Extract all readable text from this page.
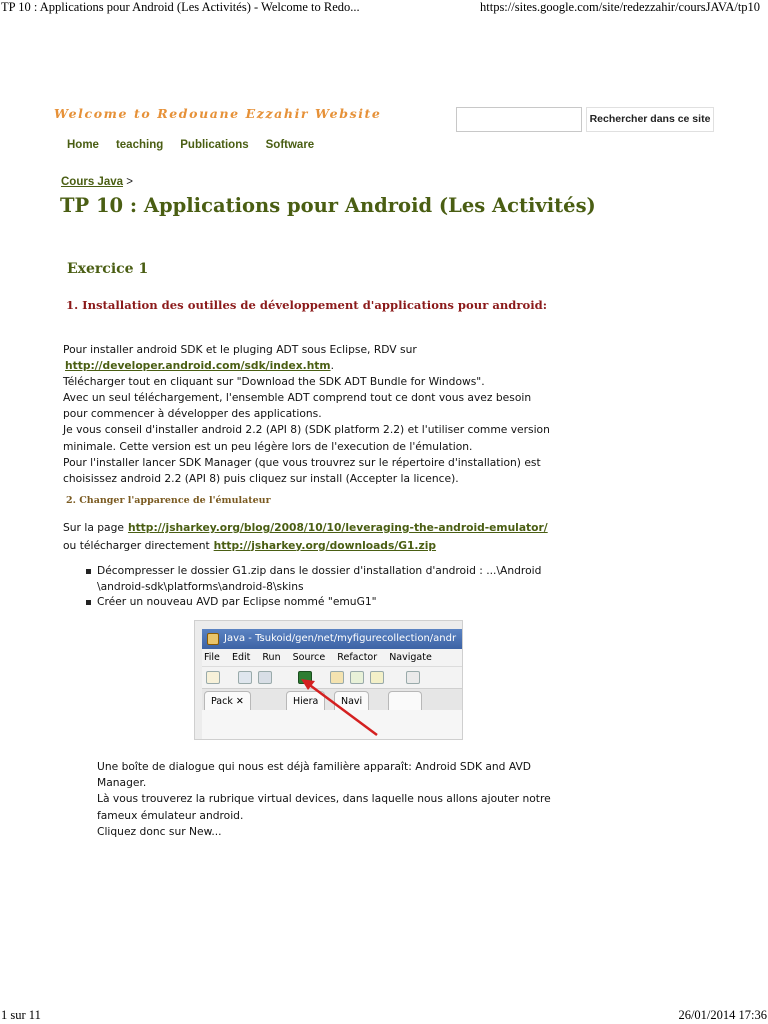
TP 10 : Applications pour Android (Les Activités) - Welcome to Redo...	https://sites.google.com/site/redezzahir/coursJAVA/tp10
Welcome to Redouane Ezzahir Website	Rechercher dans ce site
Home teaching Publications Software
Cours Java >
TP 10 : Applications pour Android (Les Activités)
Exercice 1
1. Installation des outilles de développement d'applications pour android:
Pour installer android SDK et le pluging ADT sous Eclipse, RDV sur
http://developer.android.com/sdk/index.htm.
Télécharger tout en cliquant sur "Download the SDK ADT Bundle for Windows".
Avec un seul téléchargement, l'ensemble ADT comprend tout ce dont vous avez besoin
pour commencer à développer des applications.
Je vous conseil d'installer android 2.2 (API 8) (SDK platform 2.2) et l'utiliser comme version
minimale. Cette version est un peu légère lors de l'execution de l'émulation.
Pour l'installer lancer SDK Manager (que vous trouvrez sur le répertoire d'installation) est
choisissez android 2.2 (API 8) puis cliquez sur install (Accepter la licence).
2. Changer l'apparence de l'émulateur
Sur la page http://jsharkey.org/blog/2008/10/10/leveraging-the-android-emulator/
ou télécharger directement http://jsharkey.org/downloads/G1.zip
Décompresser le dossier G1.zip dans le dossier d'installation d'android : ...\Android \android-sdk\platforms\android-8\skins
Créer un nouveau AVD par Eclipse nommé "emuG1"
Java - Tsukoid/gen/net/myfigurecollection/andr
File Edit Run Source Refactor Navigate
Pack ✕	Hiera	Navi
Une boîte de dialogue qui nous est déjà familière apparaît: Android SDK and AVD
Manager.
Là vous trouverez la rubrique virtual devices, dans laquelle nous allons ajouter notre
fameux émulateur android.
Cliquez donc sur New...
1 sur 11	26/01/2014 17:36
